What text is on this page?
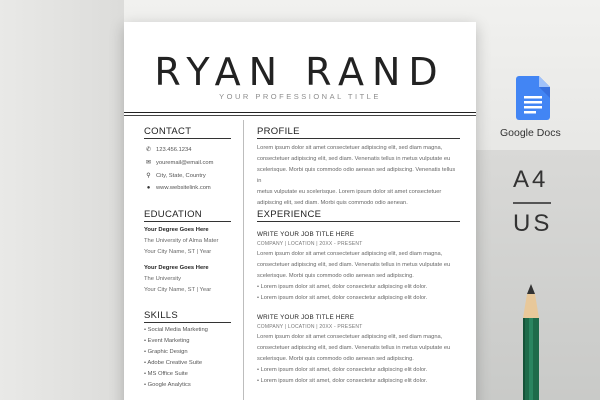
RYAN RAND
YOUR PROFESSIONAL TITLE
CONTACT
✆ 123.456.1234
✉ youremail@email.com
⚲ City, State, Country
● www.websitelink.com
EDUCATION
Your Degree Goes Here
The University of Alma Mater
Your City Name, ST | Year
Your Degree Goes Here
The University
Your City Name, ST | Year
SKILLS
• Social Media Marketing
• Event Marketing
• Graphic Design
• Adobe Creative Suite
• MS Office Suite
• Google Analytics
PROFILE
Lorem ipsum dolor sit amet consectetuer adipiscing elit, sed diam magna,
consectetuer adipiscing elit, sed diam. Venenatis tellus in metus vulputate eu
scelerisque. Morbi quis commodo odio aenean sed adipiscing. Venenatis tellus in
metus vulputate eu scelerisque. Lorem ipsum dolor sit amet consectetuer
adipiscing elit, sed diam. Morbi quis commodo odio aenean.
EXPERIENCE
WRITE YOUR JOB TITLE HERE
COMPANY | LOCATION | 20XX - PRESENT
Lorem ipsum dolor sit amet consectetuer adipiscing elit, sed diam magna,
consectetuer adipiscing elit, sed diam. Venenatis tellus in metus vulputate eu
scelerisque. Morbi quis commodo odio aenean sed adipiscing.
• Lorem ipsum dolor sit amet, dolor consectetur adipiscing elit dolor.
• Lorem ipsum dolor sit amet, dolor consectetur adipiscing elit dolor.
WRITE YOUR JOB TITLE HERE
COMPANY | LOCATION | 20XX - PRESENT
Lorem ipsum dolor sit amet consectetuer adipiscing elit, sed diam magna,
consectetuer adipiscing elit, sed diam. Venenatis tellus in metus vulputate eu
scelerisque. Morbi quis commodo odio aenean sed adipiscing.
• Lorem ipsum dolor sit amet, dolor consectetur adipiscing elit dolor.
• Lorem ipsum dolor sit amet, dolor consectetur adipiscing elit dolor.
Google Docs
A4
US
